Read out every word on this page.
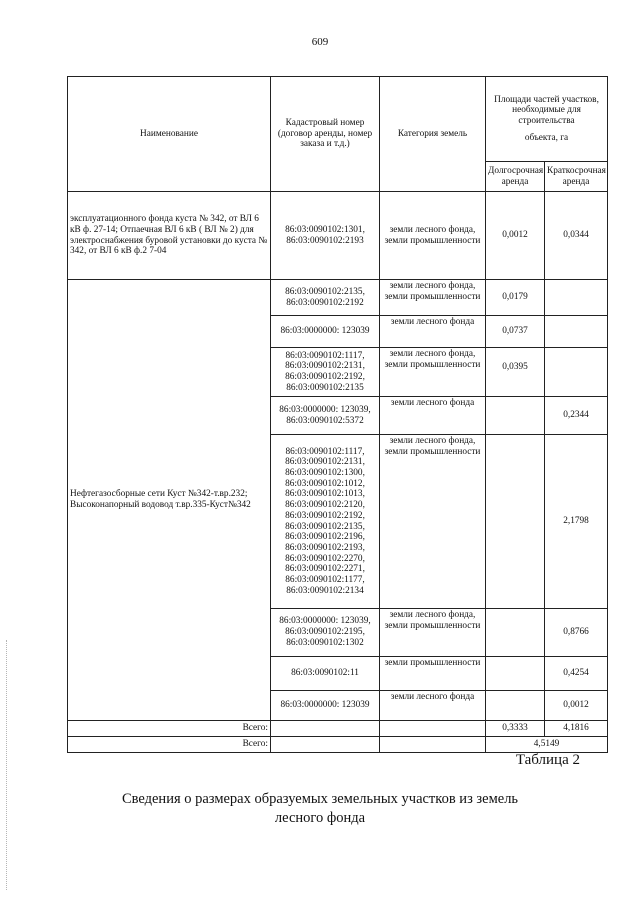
609
Наименование	Кадастровый номер (договор аренды, номер заказа и т.д.)	Категория земель	Площади частей участков, необходимые для строительства
объекта, га	

			Долгосрочная аренда	Краткосрочная аренда
эксплуатационного фонда куста № 342, от ВЛ 6 кВ ф. 27-14; Отпаечная ВЛ 6 кВ ( ВЛ № 2) для электроснабжения буровой установки до куста № 342, от ВЛ 6 кВ ф.2 7-04	86:03:0090102:1301, 86:03:0090102:2193	земли лесного фонда, земли промышленности	0,0012	0,0344
Нефтегазосборные сети Куст №342-т.вр.232; Высоконапорный водовод т.вр.335-Куст№342	86:03:0090102:2135, 86:03:0090102:2192	земли лесного фонда, земли промышленности	0,0179	
	86:03:0000000: 123039	земли лесного фонда	0,0737	
	86:03:0090102:1117, 86:03:0090102:2131, 86:03:0090102:2192, 86:03:0090102:2135	земли лесного фонда, земли промышленности	0,0395	
	86:03:0000000: 123039, 86:03:0090102:5372	земли лесного фонда		0,2344
	86:03:0090102:1117, 86:03:0090102:2131, 86:03:0090102:1300, 86:03:0090102:1012, 86:03:0090102:1013, 86:03:0090102:2120, 86:03:0090102:2192, 86:03:0090102:2135, 86:03:0090102:2196, 86:03:0090102:2193, 86:03:0090102:2270, 86:03:0090102:2271, 86:03:0090102:1177, 86:03:0090102:2134	земли лесного фонда, земли промышленности		2,1798
	86:03:0000000: 123039, 86:03:0090102:2195, 86:03:0090102:1302	земли лесного фонда, земли промышленности		0,8766
	86:03:0090102:11	земли промышленности		0,4254
	86:03:0000000: 123039	земли лесного фонда		0,0012
Всего:			0,3333	4,1816
Всего:			4,5149	
Таблица 2
Сведения о размерах образуемых земельных участков из земель
лесного фонда
